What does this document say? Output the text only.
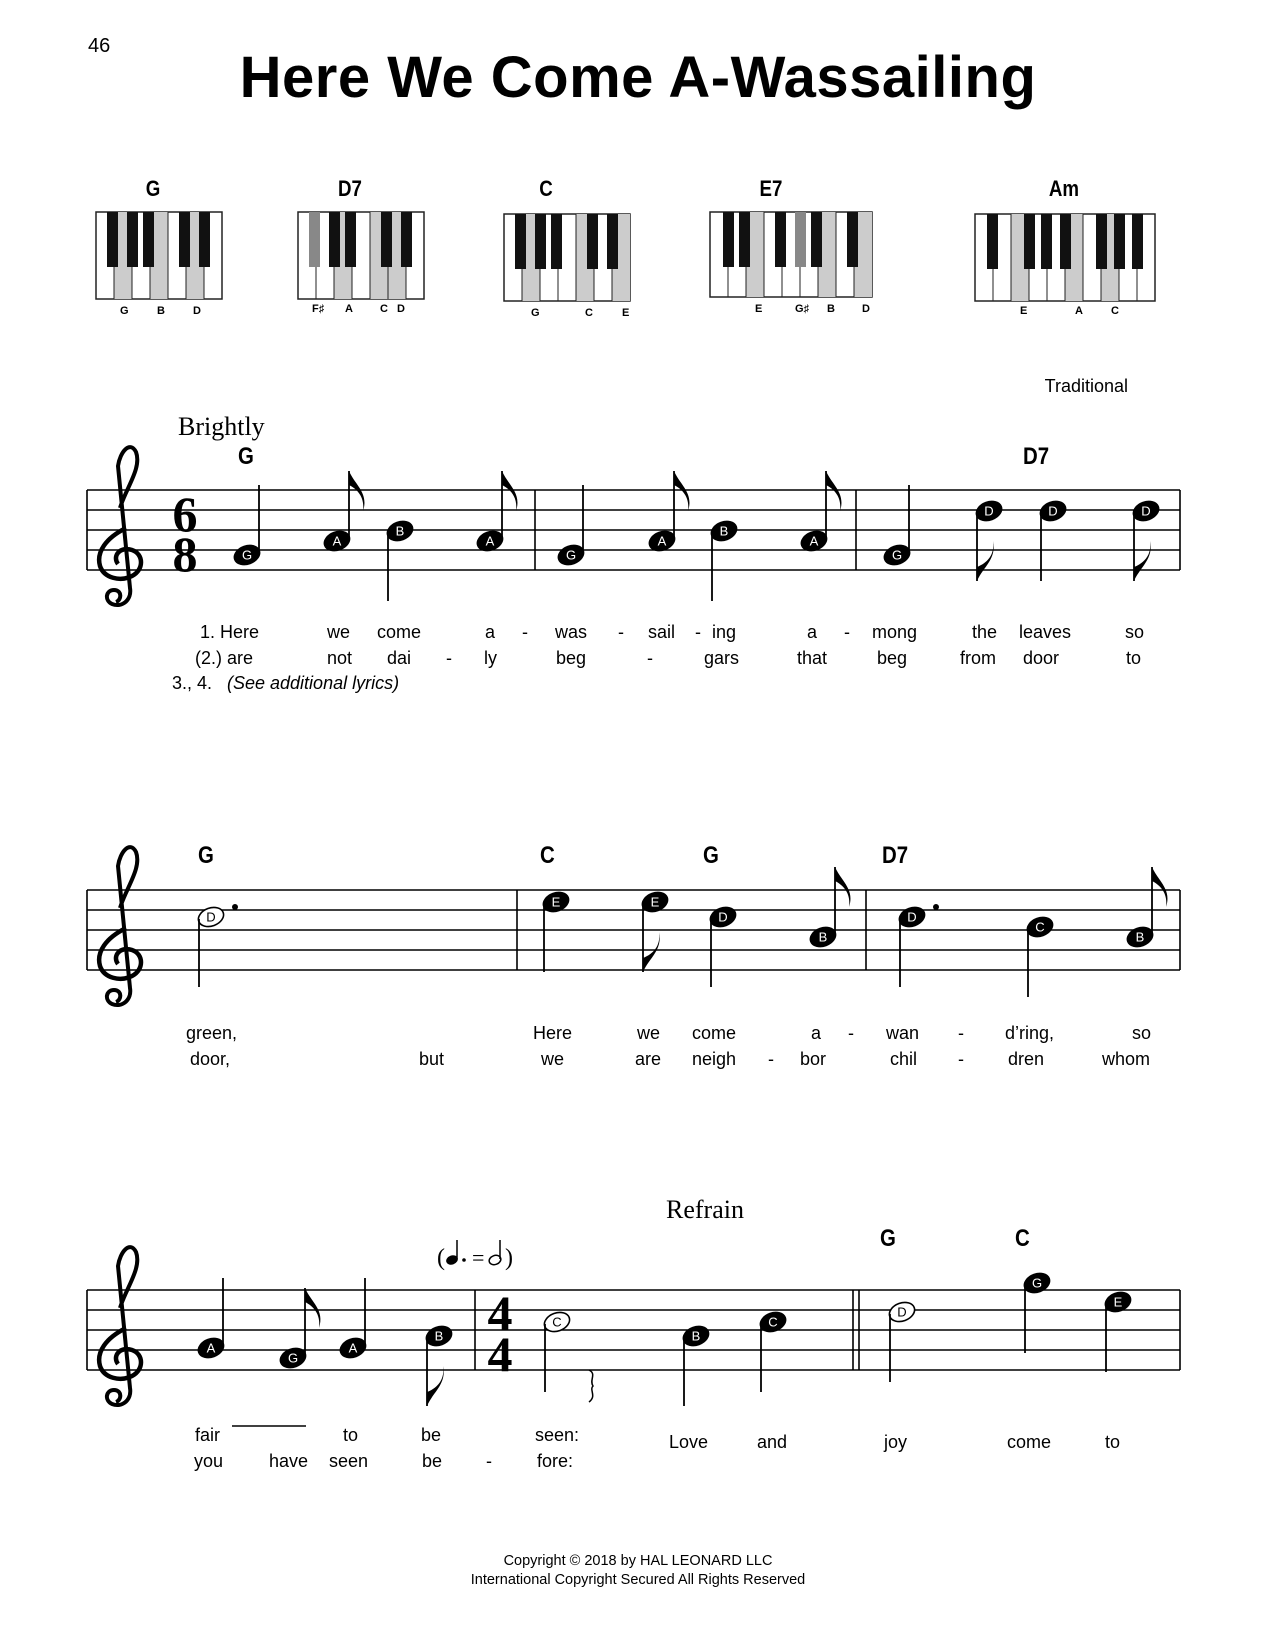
46	Here We Come A-Wassailing
G	D7	C	E7	Am
G	B	D	F♯ A C D	G	C	E	E	G♯ B D	E	A	C
Traditional
Brightly
Refrain
G	D7
G	C	G	D7
G	C
6
8
4
4
( = )
G
A
B
A
G
A
B
A
G
D	D	D
D
E	E
D
B
D
C
B
A
G
A
B
C
B
C
D
G
E
1. Here	we come	a - was - sail - ing	a - mong	the leaves	so
(2.) are	not dai - ly	beg	-	gars	that	beg	from door	to
3., 4. (See additional lyrics)
green,	Here	we come	a - wan - d’ring,	so
door,	but	we	are neigh - bor	chil - dren	whom
fair	to	be	seen:	Love	and	joy	come	to
you	have seen	be -	fore:
Copyright © 2018 by HAL LEONARD LLC
International Copyright Secured All Rights Reserved
